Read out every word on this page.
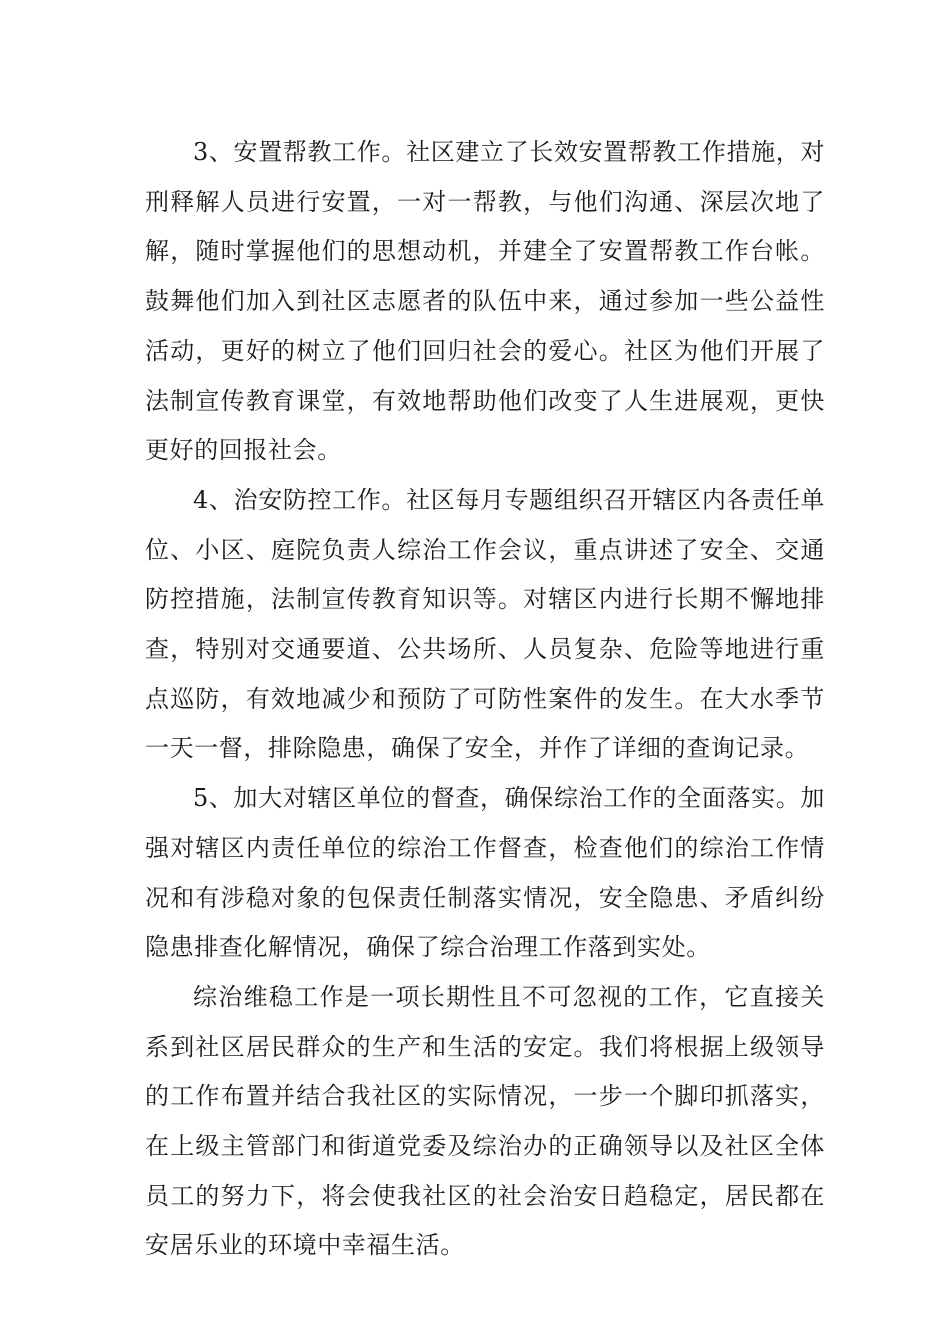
3、安置帮教工作。社区建立了长效安置帮教工作措施，对刑释解人员进行安置，一对一帮教，与他们沟通、深层次地了解，随时掌握他们的思想动机，并建全了安置帮教工作台帐。鼓舞他们加入到社区志愿者的队伍中来，通过参加一些公益性活动，更好的树立了他们回归社会的爱心。社区为他们开展了法制宣传教育课堂，有效地帮助他们改变了人生进展观，更快更好的回报社会。

4、治安防控工作。社区每月专题组织召开辖区内各责任单位、小区、庭院负责人综治工作会议，重点讲述了安全、交通防控措施，法制宣传教育知识等。对辖区内进行长期不懈地排查，特别对交通要道、公共场所、人员复杂、危险等地进行重点巡防，有效地减少和预防了可防性案件的发生。在大水季节一天一督，排除隐患，确保了安全，并作了详细的查询记录。

5、加大对辖区单位的督查，确保综治工作的全面落实。加强对辖区内责任单位的综治工作督查，检查他们的综治工作情况和有涉稳对象的包保责任制落实情况，安全隐患、矛盾纠纷隐患排查化解情况，确保了综合治理工作落到实处。

综治维稳工作是一项长期性且不可忽视的工作，它直接关系到社区居民群众的生产和生活的安定。我们将根据上级领导的工作布置并结合我社区的实际情况，一步一个脚印抓落实，在上级主管部门和街道党委及综治办的正确领导以及社区全体员工的努力下，将会使我社区的社会治安日趋稳定，居民都在安居乐业的环境中幸福生活。
